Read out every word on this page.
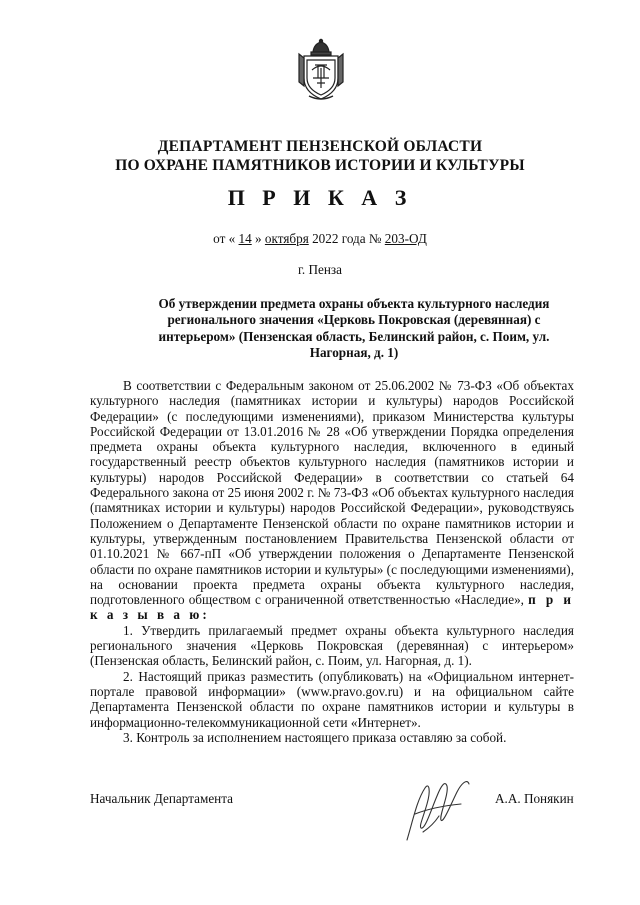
ДЕПАРТАМЕНТ ПЕНЗЕНСКОЙ ОБЛАСТИ
ПО ОХРАНЕ ПАМЯТНИКОВ ИСТОРИИ И КУЛЬТУРЫ
П Р И К А З
от « 14 » октября 2022 года № 203-ОД
г. Пенза
Об утверждении предмета охраны объекта культурного наследия регионального значения «Церковь Покровская (деревянная) с интерьером» (Пензенская область, Белинский район, с. Поим, ул. Нагорная, д. 1)

В соответствии с Федеральным законом от 25.06.2002 № 73-ФЗ «Об объектах культурного наследия (памятниках истории и культуры) народов Российской Федерации» (с последующими изменениями), приказом Министерства культуры Российской Федерации от 13.01.2016 № 28 «Об утверждении Порядка определения предмета охраны объекта культурного наследия, включенного в единый государственный реестр объектов культурного наследия (памятников истории и культуры) народов Российской Федерации» в соответствии со статьей 64 Федерального закона от 25 июня 2002 г. № 73-ФЗ «Об объектах культурного наследия (памятниках истории и культуры) народов Российской Федерации», руководствуясь Положением о Департаменте Пензенской области по охране памятников истории и культуры, утвержденным постановлением Правительства Пензенской области от 01.10.2021 № 667-пП «Об утверждении положения о Департаменте Пензенской области по охране памятников истории и культуры» (с последующими изменениями), на основании проекта предмета охраны объекта культурного наследия, подготовленного обществом с ограниченной ответственностью «Наследие», п р и к а з ы в а ю:

1. Утвердить прилагаемый предмет охраны объекта культурного наследия регионального значения «Церковь Покровская (деревянная) с интерьером» (Пензенская область, Белинский район, с. Поим, ул. Нагорная, д. 1).

2. Настоящий приказ разместить (опубликовать) на «Официальном интернет-портале правовой информации» (www.pravo.gov.ru) и на официальном сайте Департамента Пензенской области по охране памятников истории и культуры в информационно-телекоммуникационной сети «Интернет».

3. Контроль за исполнением настоящего приказа оставляю за собой.

Начальник Департамента	А.А. Понякин
